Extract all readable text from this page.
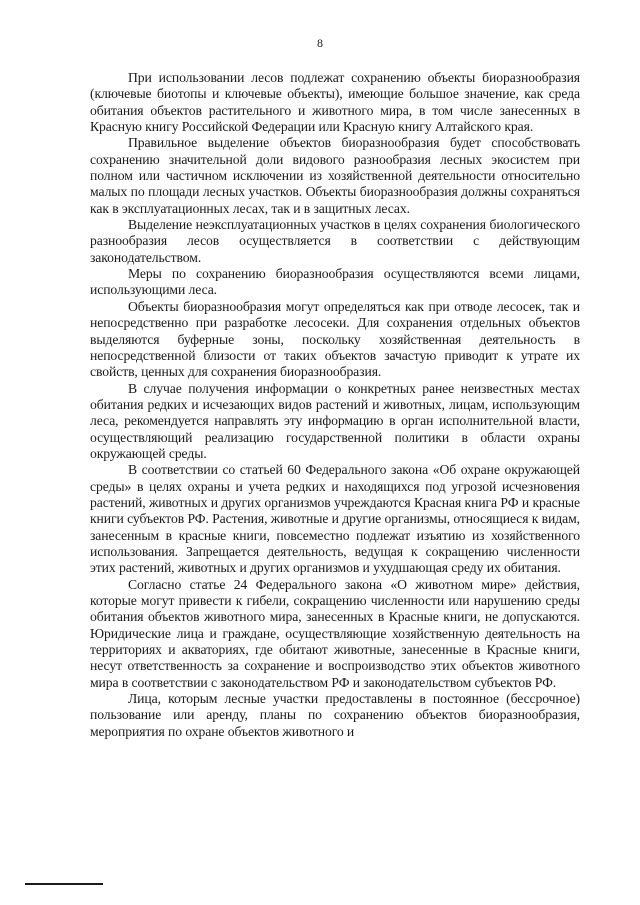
8

При использовании лесов подлежат сохранению объекты биоразнообразия (ключевые биотопы и ключевые объекты), имеющие большое значение, как среда обитания объектов растительного и животного мира, в том числе занесенных в Красную книгу Российской Федерации или Красную книгу Алтайского края.

Правильное выделение объектов биоразнообразия будет способствовать сохранению значительной доли видового разнообразия лесных экосистем при полном или частичном исключении из хозяйственной деятельности относительно малых по площади лесных участков. Объекты биоразнообразия должны сохраняться как в эксплуатационных лесах, так и в защитных лесах.

Выделение неэксплуатационных участков в целях сохранения биологического разнообразия лесов осуществляется в соответствии с действующим законодательством.

Меры по сохранению биоразнообразия осуществляются всеми лицами, использующими леса.

Объекты биоразнообразия могут определяться как при отводе лесосек, так и непосредственно при разработке лесосеки. Для сохранения отдельных объектов выделяются буферные зоны, поскольку хозяйственная деятельность в непосредственной близости от таких объектов зачастую приводит к утрате их свойств, ценных для сохранения биоразнообразия.

В случае получения информации о конкретных ранее неизвестных местах обитания редких и исчезающих видов растений и животных, лицам, использующим леса, рекомендуется направлять эту информацию в орган исполнительной власти, осуществляющий реализацию государственной политики в области охраны окружающей среды.

В соответствии со статьей 60 Федерального закона «Об охране окружающей среды» в целях охраны и учета редких и находящихся под угрозой исчезновения растений, животных и других организмов учреждаются Красная книга РФ и красные книги субъектов РФ. Растения, животные и другие организмы, относящиеся к видам, занесенным в красные книги, повсеместно подлежат изъятию из хозяйственного использования. Запрещается деятельность, ведущая к сокращению численности этих растений, животных и других организмов и ухудшающая среду их обитания.

Согласно статье 24 Федерального закона «О животном мире» действия, которые могут привести к гибели, сокращению численности или нарушению среды обитания объектов животного мира, занесенных в Красные книги, не допускаются. Юридические лица и граждане, осуществляющие хозяйственную деятельность на территориях и акваториях, где обитают животные, занесенные в Красные книги, несут ответственность за сохранение и воспроизводство этих объектов животного мира в соответствии с законодательством РФ и законодательством субъектов РФ.

Лица, которым лесные участки предоставлены в постоянное (бессрочное) пользование или аренду, планы по сохранению объектов биоразнообразия, мероприятия по охране объектов животного и
